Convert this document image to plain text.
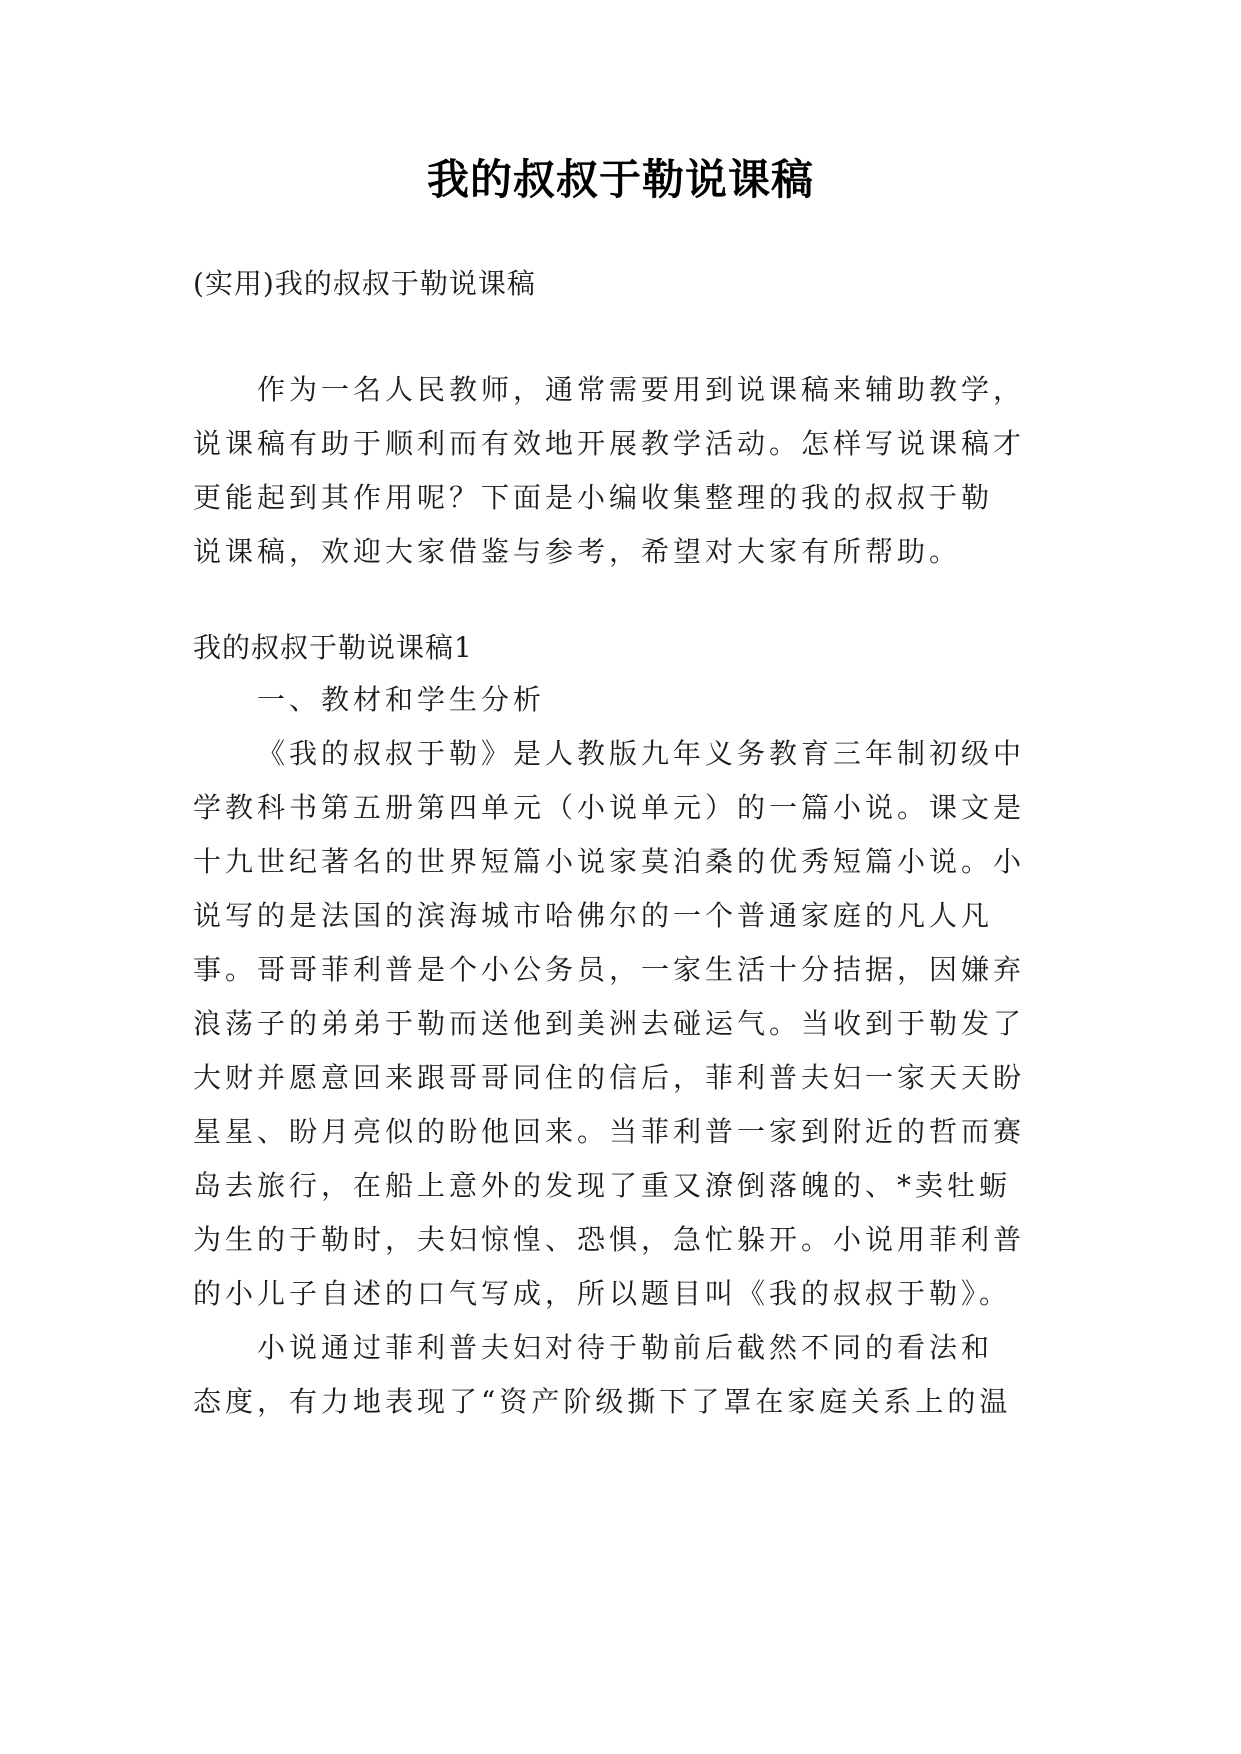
我的叔叔于勒说课稿
(实用)我的叔叔于勒说课稿
作为一名人民教师，通常需要用到说课稿来辅助教学，
说课稿有助于顺利而有效地开展教学活动。怎样写说课稿才
更能起到其作用呢？下面是小编收集整理的我的叔叔于勒
说课稿，欢迎大家借鉴与参考，希望对大家有所帮助。
我的叔叔于勒说课稿1
一、教材和学生分析
《我的叔叔于勒》是人教版九年义务教育三年制初级中
学教科书第五册第四单元（小说单元）的一篇小说。课文是
十九世纪著名的世界短篇小说家莫泊桑的优秀短篇小说。小
说写的是法国的滨海城市哈佛尔的一个普通家庭的凡人凡
事。哥哥菲利普是个小公务员，一家生活十分拮据，因嫌弃
浪荡子的弟弟于勒而送他到美洲去碰运气。当收到于勒发了
大财并愿意回来跟哥哥同住的信后，菲利普夫妇一家天天盼
星星、盼月亮似的盼他回来。当菲利普一家到附近的哲而赛
岛去旅行，在船上意外的发现了重又潦倒落魄的、*卖牡蛎
为生的于勒时，夫妇惊惶、恐惧，急忙躲开。小说用菲利普
的小儿子自述的口气写成，所以题目叫《我的叔叔于勒》。
小说通过菲利普夫妇对待于勒前后截然不同的看法和
态度，有力地表现了“资产阶级撕下了罩在家庭关系上的温
